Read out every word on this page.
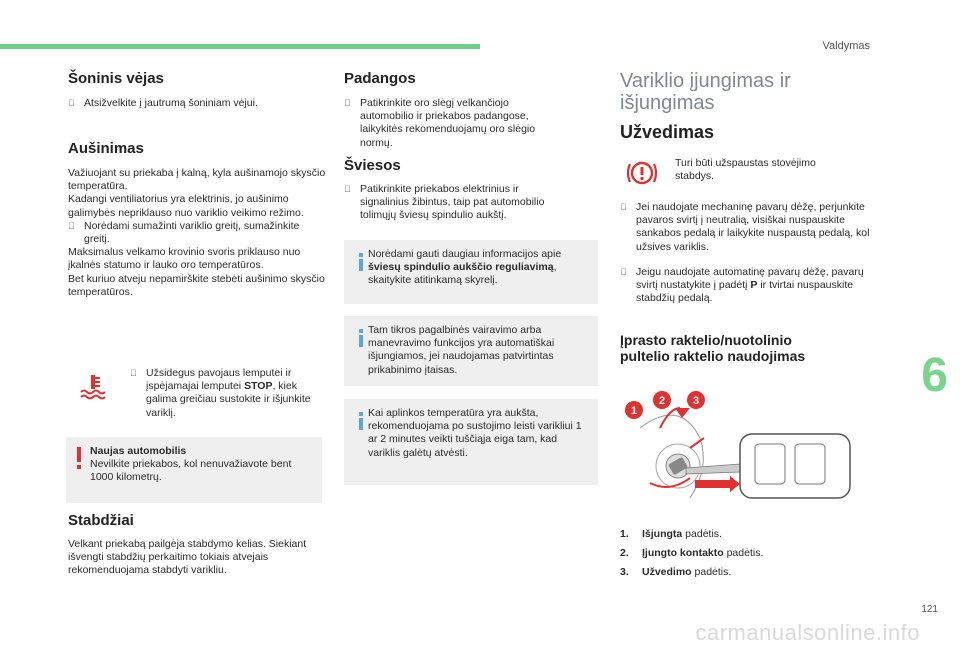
Valdymas
Šoninis vėjas

Atsižvelkite į jautrumą šoniniam vėjui.

Aušinimas
Važiuojant su priekaba į kalną, kyla aušinamojo skysčio temperatūra.
Kadangi ventiliatorius yra elektrinis, jo aušinimo galimybės nepriklauso nuo variklio veikimo režimo.
Norėdami sumažinti variklio greitį, sumažinkite greitį.
Maksimalus velkamo krovinio svoris priklauso nuo įkalnės statumo ir lauko oro temperatūros.
Bet kuriuo atveju nepamirškite stebėti aušinimo skysčio temperatūros.
Užsidegus pavojaus lemputei ir įspėjamajai lemputei STOP, kiek galima greičiau sustokite ir išjunkite variklį.
Naujas automobilis
Nevilkite priekabos, kol nenuvažiavote bent 1000 kilometrų.
Stabdžiai

Velkant priekabą pailgėja stabdymo kelias. Siekiant išvengti stabdžių perkaitimo tokiais atvejais rekomenduojama stabdyti varikliu.

Padangos

Patikrinkite oro slėgį velkančiojo automobilio ir priekabos padangose, laikykitės rekomenduojamų oro slėgio normų.

Šviesos

Patikrinkite priekabos elektrinius ir signalinius žibintus, taip pat automobilio tolimųjų šviesų spindulio aukštį.

Norėdami gauti daugiau informacijos apie šviesų spindulio aukščio reguliavimą, skaitykite atitinkamą skyrelį.
Tam tikros pagalbinės vairavimo arba manevravimo funkcijos yra automatiškai išjungiamos, jei naudojamas patvirtintas prikabinimo įtaisas.
Kai aplinkos temperatūra yra aukšta, rekomenduojama po sustojimo leisti varikliui 1 ar 2 minutes veikti tuščiąja eiga tam, kad variklis galėtų atvėsti.
Variklio įjungimas ir
išjungimas
Užvedimas

Turi būti užspaustas stovėjimo stabdys.

Jei naudojate mechaninę pavarų dėžę, perjunkite pavaros svirtį į neutralią, visiškai nuspauskite sankabos pedalą ir laikykite nuspaustą pedalą, kol užsives variklis.

Jeigu naudojate automatinę pavarų dėžę, pavarų svirtį nustatykite į padėtį P ir tvirtai nuspauskite stabdžių pedalą.

Įprasto raktelio/nuotolinio
pultelio raktelio naudojimas
1
2	3
1. Išjungta padėtis.
2. Įjungto kontakto padėtis.
3. Užvedimo padėtis.
6
121
carmanualsonline.info
